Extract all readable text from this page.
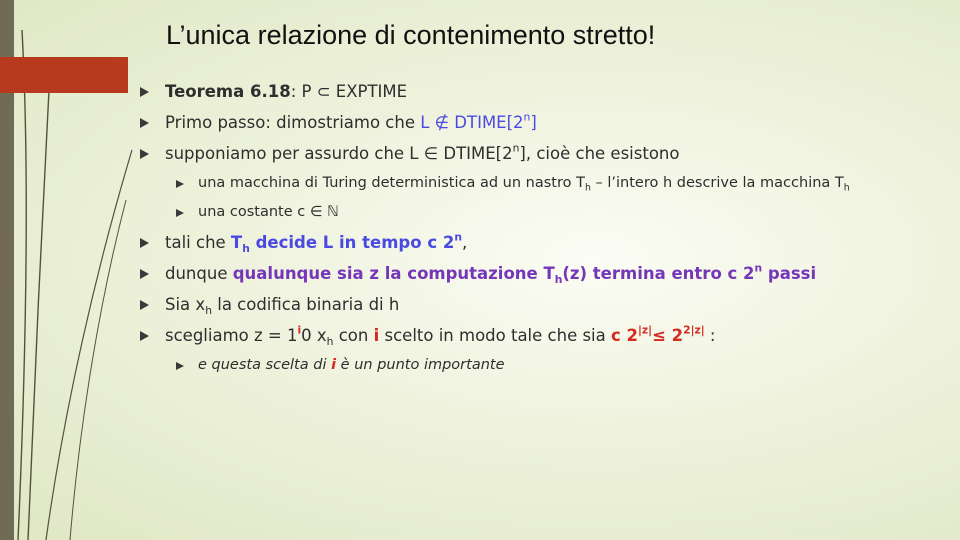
L’unica relazione di contenimento stretto!
Teorema 6.18: P ⊂ EXPTIME
Primo passo: dimostriamo che L ∉ DTIME[2$^n$]
supponiamo per assurdo che L ∈ DTIME[2$^n$], cioè che esistono
una macchina di Turing deterministica ad un nastro $T_h$ – l’intero h descrive la macchina $T_h$
una costante c ∈ ℕ
tali che $T_h$ decide L in tempo c 2$^n$,
dunque qualunque sia z la computazione $T_h(z)$ termina entro c 2$^n$ passi
Sia $x_h$ la codifica binaria di h
scegliamo $z = 1^i0$ $x_h$ con i scelto in modo tale che sia c $2^{|z|}\le 2^{2|z|}$ :
e questa scelta di i è un punto importante
